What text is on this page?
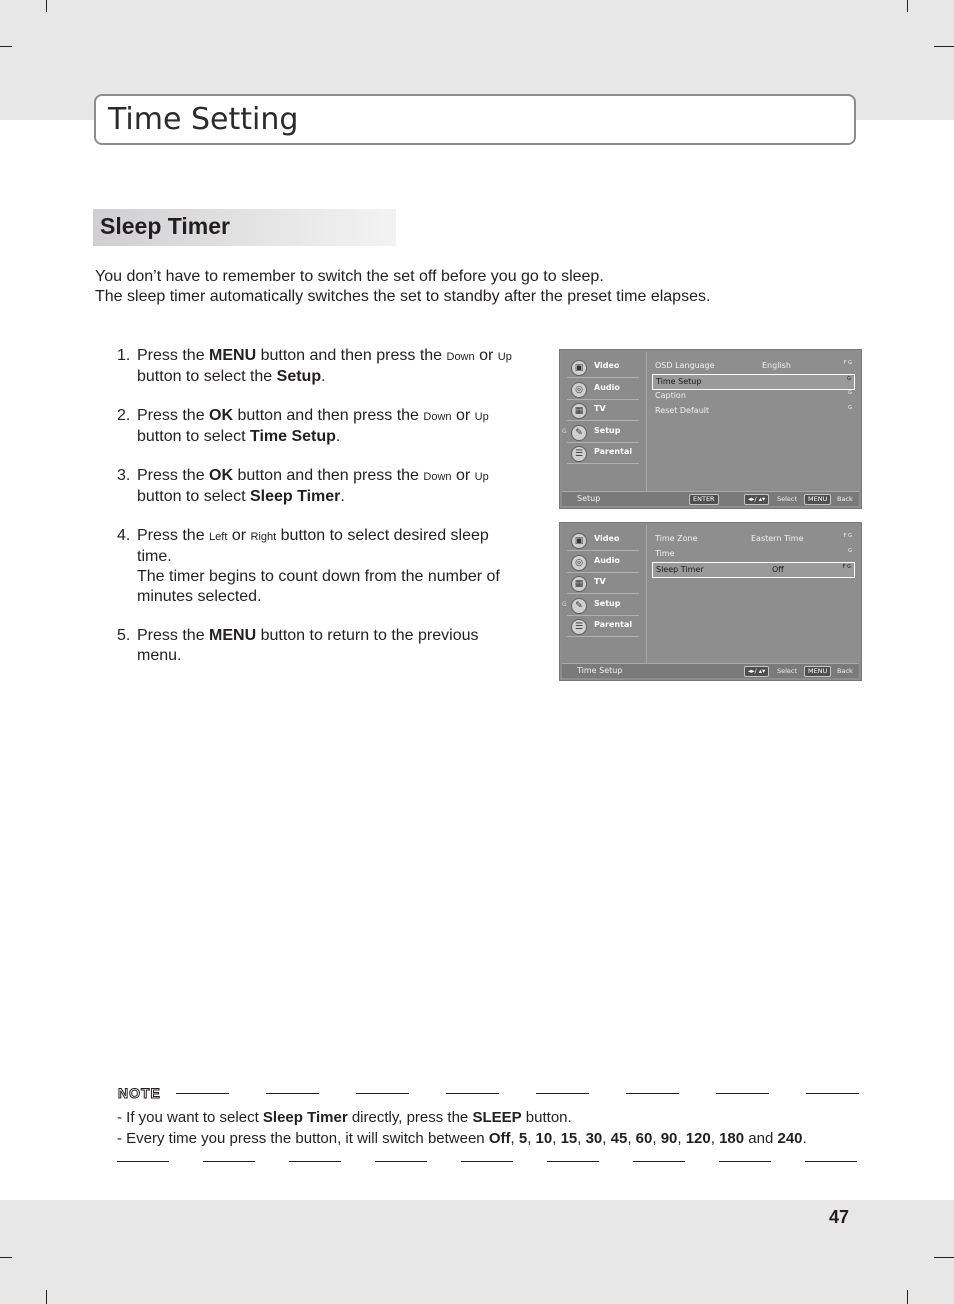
Time Setting
Sleep Timer
You don’t have to remember to switch the set off before you go to sleep.
The sleep timer automatically switches the set to standby after the preset time elapses.
1. Press the MENU button and then press the Down or Up button to select the Setup.
2. Press the OK button and then press the Down or Up button to select Time Setup.
3. Press the OK button and then press the Down or Up button to select Sleep Timer.
4. Press the Left or Right button to select desired sleep time.
The timer begins to count down from the number of minutes selected.
5. Press the MENU button to return to the previous menu.
▣	Video
◎	Audio
▦	TV
✎	Setup
G
☰	Parental
OSD Language	English	F G
Time Setup	G
Caption	G
Reset Default	G
Setup	ENTER	◂▸/ ▴▾	Select	MENU	Back
▣	Video
◎	Audio
▦	TV
✎	Setup
G
☰	Parental
Time Zone	Eastern Time	F G
Time	G
Sleep Timer	Off	F G
Time Setup	◂▸/ ▴▾	Select	MENU	Back
NOTE
- If you want to select Sleep Timer directly, press the SLEEP button.
- Every time you press the button, it will switch between Off, 5, 10, 15, 30, 45, 60, 90, 120, 180 and 240.
47
